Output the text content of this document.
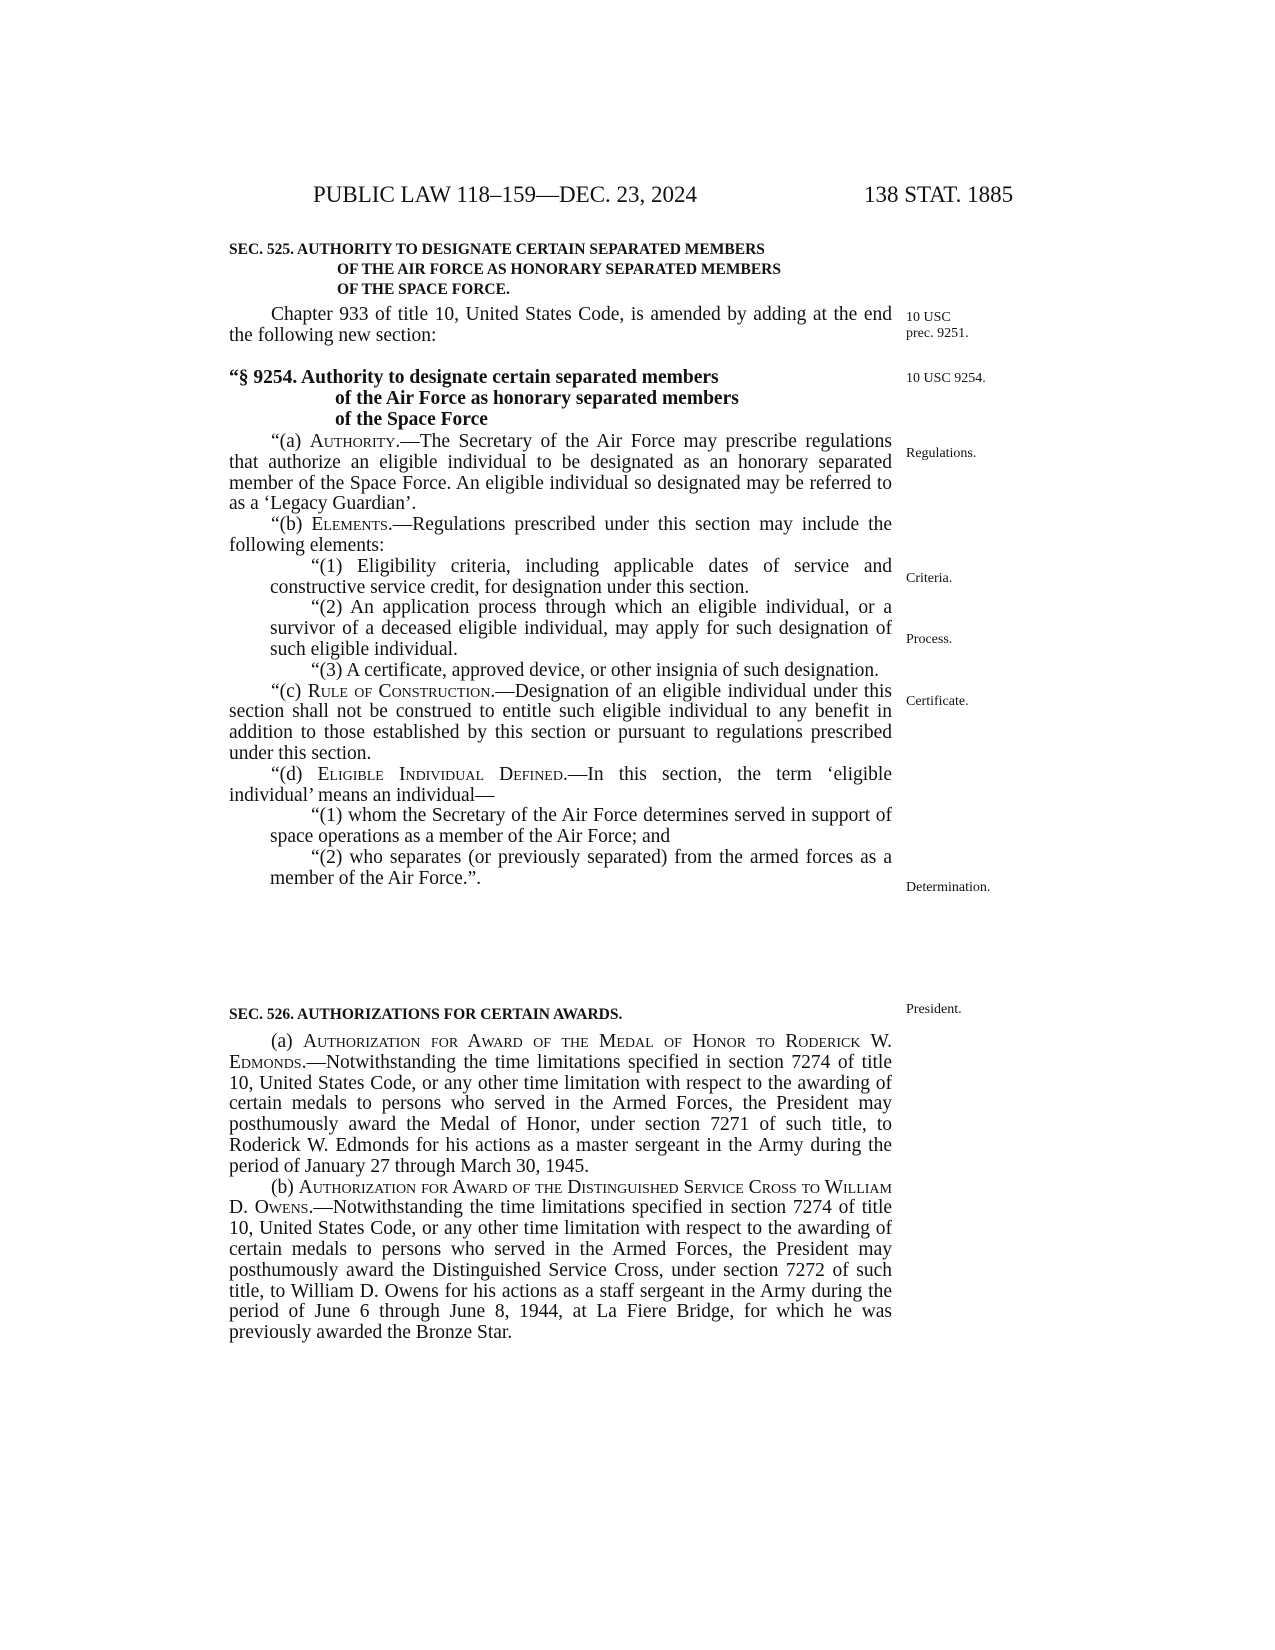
PUBLIC LAW 118–159—DEC. 23, 2024	138 STAT. 1885
SEC. 525. AUTHORITY TO DESIGNATE CERTAIN SEPARATED MEMBERS
OF THE AIR FORCE AS HONORARY SEPARATED MEMBERS
OF THE SPACE FORCE.

Chapter 933 of title 10, United States Code, is amended by adding at the end the following new section:

“§ 9254. Authority to designate certain separated members
of the Air Force as honorary separated members
of the Space Force

“(a) Authority.—The Secretary of the Air Force may prescribe regulations that authorize an eligible individual to be designated as an honorary separated member of the Space Force. An eligible individual so designated may be referred to as a ‘Legacy Guardian’.

“(b) Elements.—Regulations prescribed under this section may include the following elements:

“(1) Eligibility criteria, including applicable dates of service and constructive service credit, for designation under this section.

“(2) An application process through which an eligible individual, or a survivor of a deceased eligible individual, may apply for such designation of such eligible individual.

“(3) A certificate, approved device, or other insignia of such designation.

“(c) Rule of Construction.—Designation of an eligible individual under this section shall not be construed to entitle such eligible individual to any benefit in addition to those established by this section or pursuant to regulations prescribed under this section.

“(d) Eligible Individual Defined.—In this section, the term ‘eligible individual’ means an individual—

“(1) whom the Secretary of the Air Force determines served in support of space operations as a member of the Air Force; and

“(2) who separates (or previously separated) from the armed forces as a member of the Air Force.”.

SEC. 526. AUTHORIZATIONS FOR CERTAIN AWARDS.

(a) Authorization for Award of the Medal of Honor to Roderick W. Edmonds.—Notwithstanding the time limitations specified in section 7274 of title 10, United States Code, or any other time limitation with respect to the awarding of certain medals to persons who served in the Armed Forces, the President may posthumously award the Medal of Honor, under section 7271 of such title, to Roderick W. Edmonds for his actions as a master sergeant in the Army during the period of January 27 through March 30, 1945.

(b) Authorization for Award of the Distinguished Service Cross to William D. Owens.—Notwithstanding the time limitations specified in section 7274 of title 10, United States Code, or any other time limitation with respect to the awarding of certain medals to persons who served in the Armed Forces, the President may posthumously award the Distinguished Service Cross, under section 7272 of such title, to William D. Owens for his actions as a staff sergeant in the Army during the period of June 6 through June 8, 1944, at La Fiere Bridge, for which he was previously awarded the Bronze Star.

10 USC
prec. 9251.
10 USC 9254.
Regulations.
Criteria.
Process.
Certificate.
Determination.
President.
